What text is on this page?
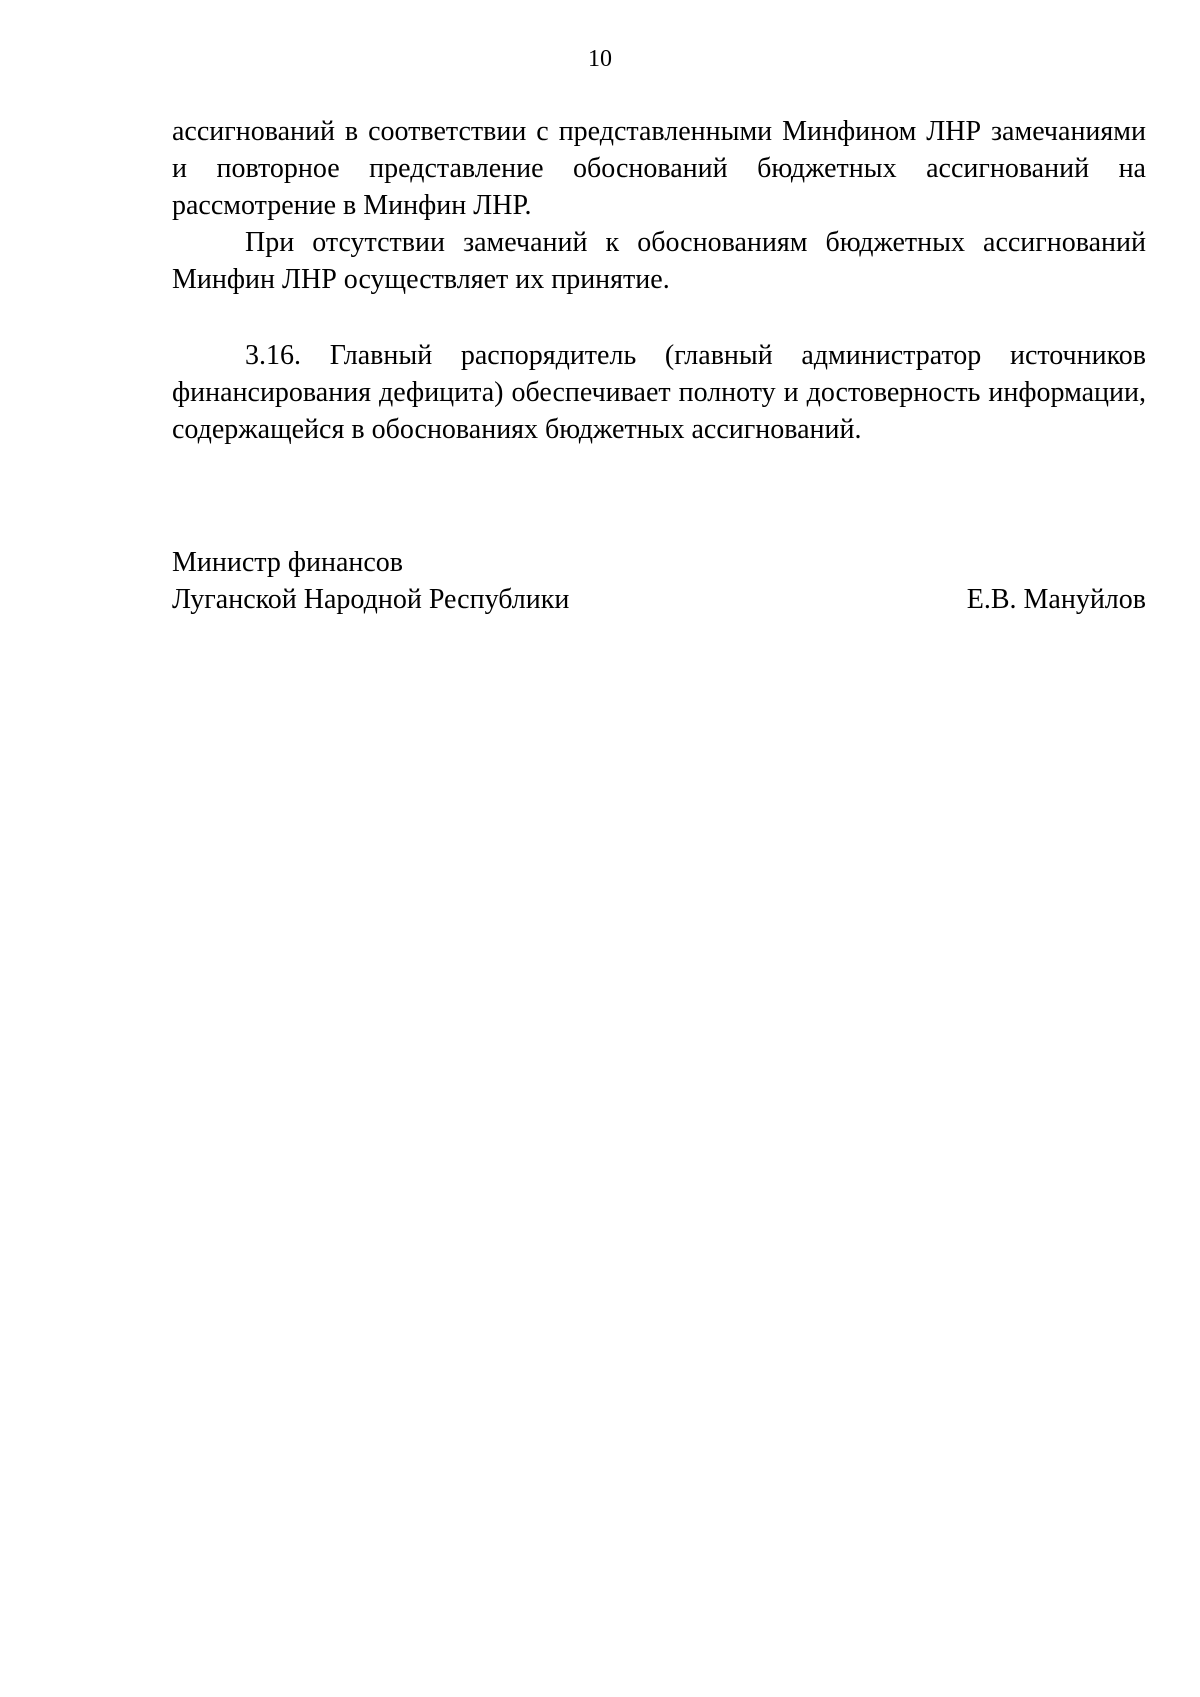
10

ассигнований в соответствии с представленными Минфином ЛНР замечаниями и повторное представление обоснований бюджетных ассигнований на рассмотрение в Минфин ЛНР.

При отсутствии замечаний к обоснованиям бюджетных ассигнований Минфин ЛНР осуществляет их принятие.

3.16. Главный распорядитель (главный администратор источников финансирования дефицита) обеспечивает полноту и достоверность информации, содержащейся в обоснованиях бюджетных ассигнований.

Министр финансов
Луганской Народной Республики	Е.В. Мануйлов
